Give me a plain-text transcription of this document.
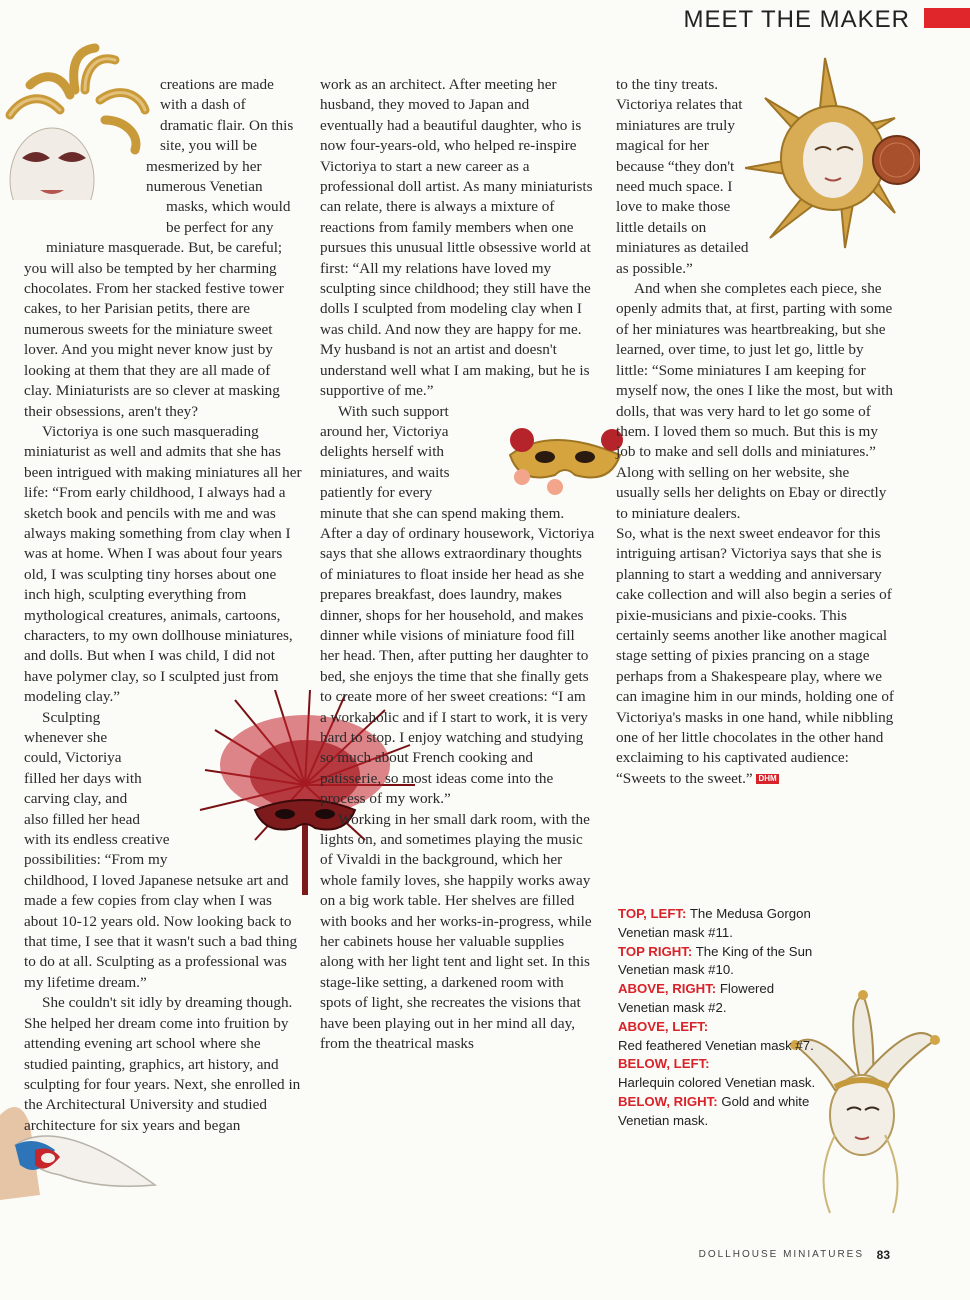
MEET THE MAKER

creations are made with a dash of dramatic flair. On this site, you will be mesmerized by her numerous Venetian masks, which would be perfect for any miniature masquerade. But, be careful; you will also be tempted by her charming chocolates. From her stacked festive tower cakes, to her Parisian petits, there are numerous sweets for the miniature sweet lover. And you might never know just by looking at them that they are all made of clay. Miniaturists are so clever at masking their obsessions, aren't they?

Victoriya is one such masquerading miniaturist as well and admits that she has been intrigued with making miniatures all her life: “From early childhood, I always had a sketch book and pencils with me and was always making something from clay when I was at home. When I was about four years old, I was sculpting tiny horses about one inch high, sculpting everything from mythological creatures, animals, cartoons, characters, to my own dollhouse miniatures, and dolls. But when I was child, I did not have polymer clay, so I sculpted just from modeling clay.”

Sculpting whenever she could, Victoriya filled her days with carving clay, and also filled her head with its endless creative possibilities: “From my childhood, I loved Japanese netsuke art and made a few copies from clay when I was about 10-12 years old. Now looking back to that time, I see that it wasn't such a bad thing to do at all. Sculpting as a professional was my lifetime dream.”

She couldn't sit idly by dreaming though. She helped her dream come into fruition by attending evening art school where she studied painting, graphics, art history, and sculpting for four years. Next, she enrolled in the Architectural University and studied architecture for six years and began

work as an architect. After meeting her husband, they moved to Japan and eventually had a beautiful daughter, who is now four-years-old, who helped re-inspire Victoriya to start a new career as a professional doll artist. As many miniaturists can relate, there is always a mixture of reactions from family members when one pursues this unusual little obsessive world at first: “All my relations have loved my sculpting since childhood; they still have the dolls I sculpted from modeling clay when I was child. And now they are happy for me. My husband is not an artist and doesn't understand well what I am making, but he is supportive of me.”

With such support around her, Victoriya delights herself with miniatures, and waits patiently for every minute that she can spend making them. After a day of ordinary housework, Victoriya says that she allows extraordinary thoughts of miniatures to float inside her head as she prepares breakfast, does laundry, makes dinner, shops for her household, and makes dinner while visions of miniature food fill her head. Then, after putting her daughter to bed, she enjoys the time that she finally gets to create more of her sweet creations: “I am a workaholic and if I start to work, it is very hard to stop. I enjoy watching and studying so much about French cooking and patisserie, so most ideas come into the process of my work.”

Working in her small dark room, with the lights on, and sometimes playing the music of Vivaldi in the background, which her whole family loves, she happily works away on a big work table. Her shelves are filled with books and her works-in-progress, while her cabinets house her valuable supplies along with her light tent and light set. In this stage-like setting, a darkened room with spots of light, she recreates the visions that have been playing out in her mind all day, from the theatrical masks

to the tiny treats. Victoriya relates that miniatures are truly magical for her because “they don't need much space. I love to make those little details on miniatures as detailed as possible.”

And when she completes each piece, she openly admits that, at first, parting with some of her miniatures was heartbreaking, but she learned, over time, to just let go, little by little: “Some miniatures I am keeping for myself now, the ones I like the most, but with dolls, that was very hard to let go some of them. I loved them so much. But this is my job to make and sell dolls and miniatures.” Along with selling on her website, she usually sells her delights on Ebay or directly to miniature dealers.

So, what is the next sweet endeavor for this intriguing artisan? Victoriya says that she is planning to start a wedding and anniversary cake collection and will also begin a series of pixie-musicians and pixie-cooks. This certainly seems another like another magical stage setting of pixies prancing on a stage perhaps from a Shakespeare play, where we can imagine him in our minds, holding one of Victoriya's masks in one hand, while nibbling one of her little chocolates in the other hand exclaiming to his captivated audience: “Sweets to the sweet.” DHM

TOP, LEFT: The Medusa Gorgon Venetian mask #11.

TOP RIGHT: The King of the Sun Venetian mask #10.

ABOVE, RIGHT: Flowered Venetian mask #2.

ABOVE, LEFT:
Red feathered Venetian mask #7.

BELOW, LEFT:
Harlequin colored Venetian mask.

BELOW, RIGHT: Gold and white Venetian mask.

DOLLHOUSE MINIATURES 83
